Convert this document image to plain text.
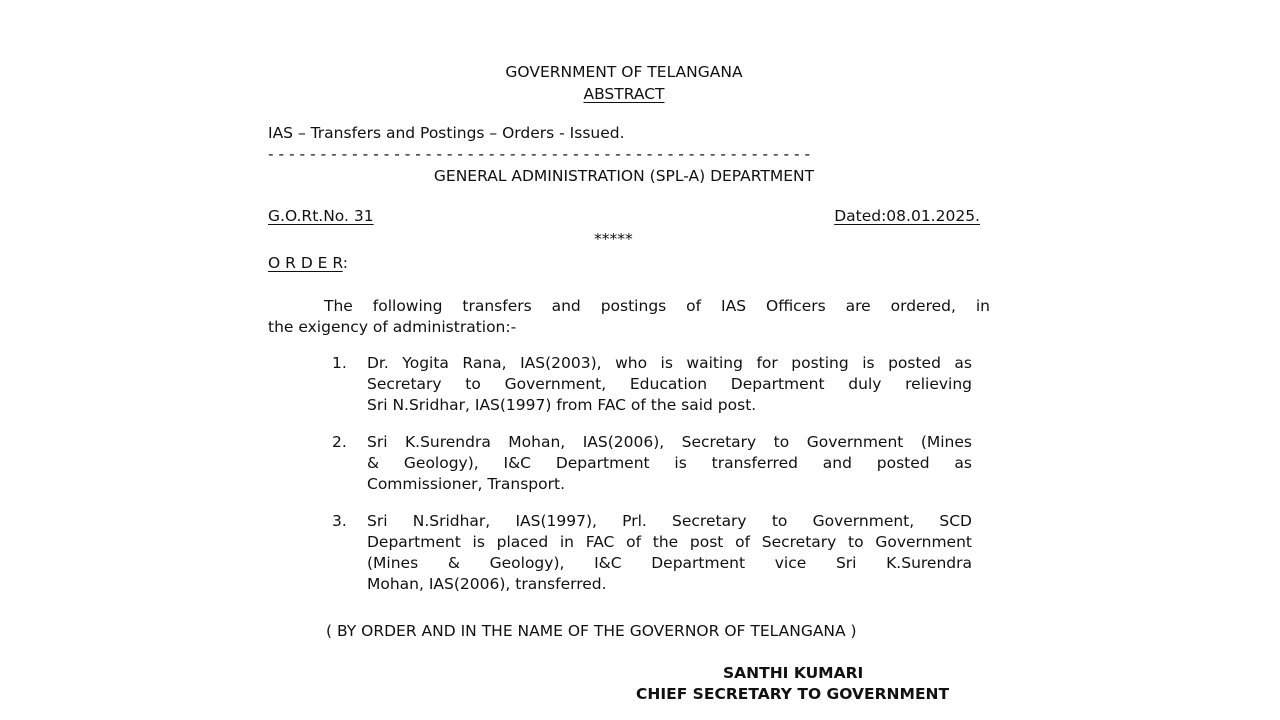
GOVERNMENT OF TELANGANA
ABSTRACT
IAS – Transfers and Postings – Orders - Issued.
- - - - - - - - - - - - - - - - - - - - - - - - - - - - - - - - - - - - - - - - - - - - - - - - - - - -
GENERAL ADMINISTRATION (SPL-A) DEPARTMENT
G.O.Rt.No. 31	Dated:08.01.2025.
*****
O R D E R:
The following transfers and postings of IAS Officers are ordered, in
the exigency of administration:-
1.	Dr. Yogita Rana, IAS(2003), who is waiting for posting is posted as
Secretary to Government, Education Department duly relieving
Sri N.Sridhar, IAS(1997) from FAC of the said post.
2.	Sri K.Surendra Mohan, IAS(2006), Secretary to Government (Mines
& Geology), I&C Department is transferred and posted as
Commissioner, Transport.
3.	Sri N.Sridhar, IAS(1997), Prl. Secretary to Government, SCD
Department is placed in FAC of the post of Secretary to Government
(Mines & Geology), I&C Department vice Sri K.Surendra
Mohan, IAS(2006), transferred.
( BY ORDER AND IN THE NAME OF THE GOVERNOR OF TELANGANA )
SANTHI KUMARI
CHIEF SECRETARY TO GOVERNMENT
